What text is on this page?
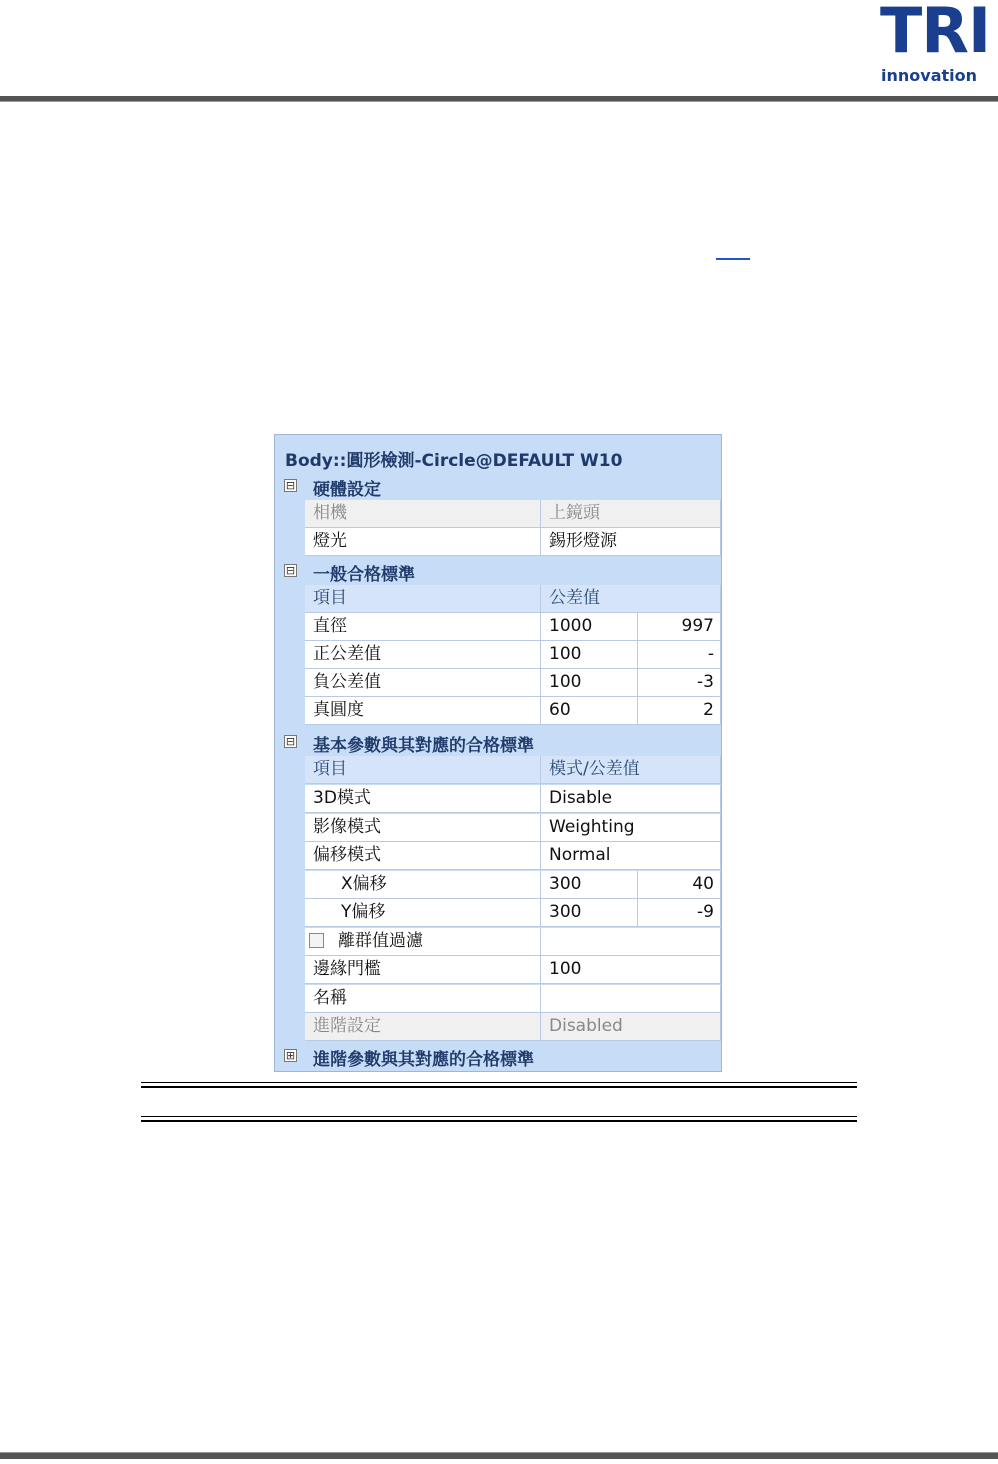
TRI
innovation
Body::圓形檢測-Circle@DEFAULT W10
⊟ 硬體設定
相機	上鏡頭
燈光	錫形燈源
⊟ 一般合格標準
項目	公差值
直徑	1000	997
正公差值	100	-
負公差值	100	-3
真圓度	60	2
⊟ 基本參數與其對應的合格標準
項目	模式/公差值
3D模式	Disable
影像模式	Weighting
偏移模式	Normal
X偏移	300	40
Y偏移	300	-9
離群值過濾
邊緣門檻	100
名稱
進階設定	Disabled
⊞ 進階參數與其對應的合格標準
